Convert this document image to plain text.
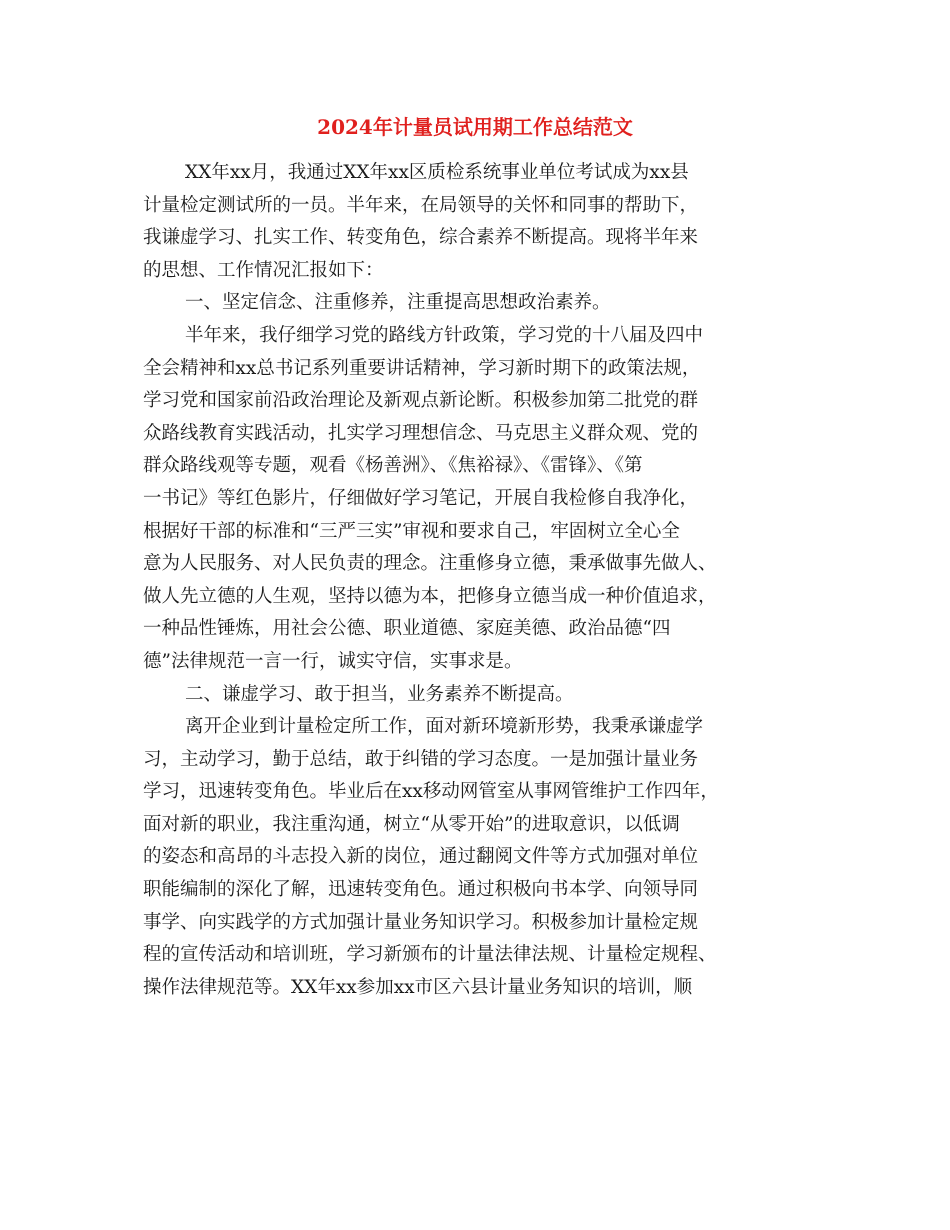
2024年计量员试用期工作总结范文
XX年xx月，我通过XX年xx区质检系统事业单位考试成为xx县
计量检定测试所的一员。半年来，在局领导的关怀和同事的帮助下，
我谦虚学习、扎实工作、转变角色，综合素养不断提高。现将半年来
的思想、工作情况汇报如下：
一、坚定信念、注重修养，注重提高思想政治素养。
半年来，我仔细学习党的路线方针政策，学习党的十八届及四中
全会精神和xx总书记系列重要讲话精神，学习新时期下的政策法规，
学习党和国家前沿政治理论及新观点新论断。积极参加第二批党的群
众路线教育实践活动，扎实学习理想信念、马克思主义群众观、党的
群众路线观等专题，观看《杨善洲》、《焦裕禄》、《雷锋》、《第
一书记》等红色影片，仔细做好学习笔记，开展自我检修自我净化，
根据好干部的标准和“三严三实”审视和要求自己，牢固树立全心全
意为人民服务、对人民负责的理念。注重修身立德，秉承做事先做人、
做人先立德的人生观，坚持以德为本，把修身立德当成一种价值追求，
一种品性锤炼，用社会公德、职业道德、家庭美德、政治品德“四
德”法律规范一言一行，诚实守信，实事求是。
二、谦虚学习、敢于担当，业务素养不断提高。
离开企业到计量检定所工作，面对新环境新形势，我秉承谦虚学
习，主动学习，勤于总结，敢于纠错的学习态度。一是加强计量业务
学习，迅速转变角色。毕业后在xx移动网管室从事网管维护工作四年，
面对新的职业，我注重沟通，树立“从零开始”的进取意识，以低调
的姿态和高昂的斗志投入新的岗位，通过翻阅文件等方式加强对单位
职能编制的深化了解，迅速转变角色。通过积极向书本学、向领导同
事学、向实践学的方式加强计量业务知识学习。积极参加计量检定规
程的宣传活动和培训班，学习新颁布的计量法律法规、计量检定规程、
操作法律规范等。XX年xx参加xx市区六县计量业务知识的培训，顺
